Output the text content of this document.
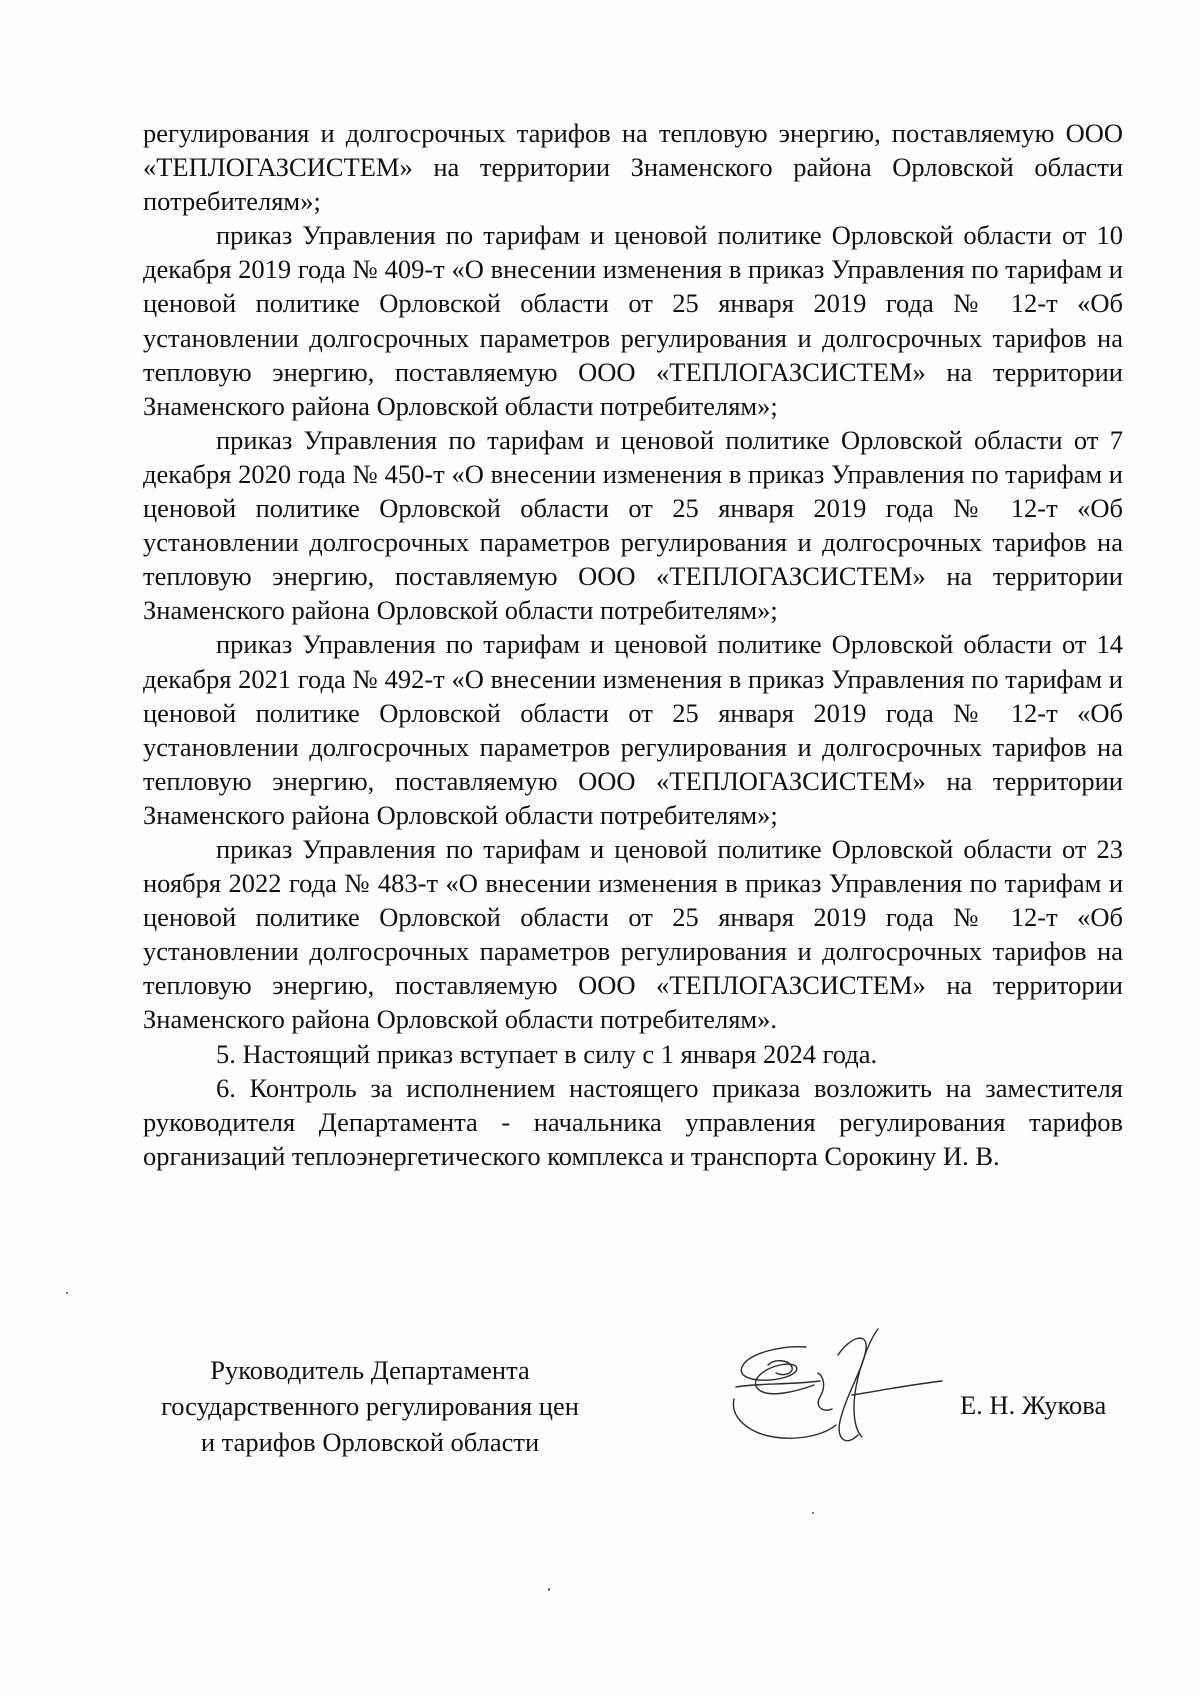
регулирования и долгосрочных тарифов на тепловую энергию, поставляемую ООО «ТЕПЛОГАЗСИСТЕМ» на территории Знаменского района Орловской области потребителям»;

приказ Управления по тарифам и ценовой политике Орловской области от 10 декабря 2019 года № 409-т «О внесении изменения в приказ Управления по тарифам и ценовой политике Орловской области от 25 января 2019 года № 12-т «Об установлении долгосрочных параметров регулирования и долгосрочных тарифов на тепловую энергию, поставляемую ООО «ТЕПЛОГАЗСИСТЕМ» на территории Знаменского района Орловской области потребителям»;

приказ Управления по тарифам и ценовой политике Орловской области от 7 декабря 2020 года № 450-т «О внесении изменения в приказ Управления по тарифам и ценовой политике Орловской области от 25 января 2019 года № 12-т «Об установлении долгосрочных параметров регулирования и долгосрочных тарифов на тепловую энергию, поставляемую ООО «ТЕПЛОГАЗСИСТЕМ» на территории Знаменского района Орловской области потребителям»;

приказ Управления по тарифам и ценовой политике Орловской области от 14 декабря 2021 года № 492-т «О внесении изменения в приказ Управления по тарифам и ценовой политике Орловской области от 25 января 2019 года № 12-т «Об установлении долгосрочных параметров регулирования и долгосрочных тарифов на тепловую энергию, поставляемую ООО «ТЕПЛОГАЗСИСТЕМ» на территории Знаменского района Орловской области потребителям»;

приказ Управления по тарифам и ценовой политике Орловской области от 23 ноября 2022 года № 483-т «О внесении изменения в приказ Управления по тарифам и ценовой политике Орловской области от 25 января 2019 года № 12-т «Об установлении долгосрочных параметров регулирования и долгосрочных тарифов на тепловую энергию, поставляемую ООО «ТЕПЛОГАЗСИСТЕМ» на территории Знаменского района Орловской области потребителям».

5. Настоящий приказ вступает в силу с 1 января 2024 года.

6. Контроль за исполнением настоящего приказа возложить на заместителя руководителя Департамента - начальника управления регулирования тарифов организаций теплоэнергетического комплекса и транспорта Сорокину И. В.

Руководитель Департамента
государственного регулирования цен
и тарифов Орловской области
Е. Н. Жукова
